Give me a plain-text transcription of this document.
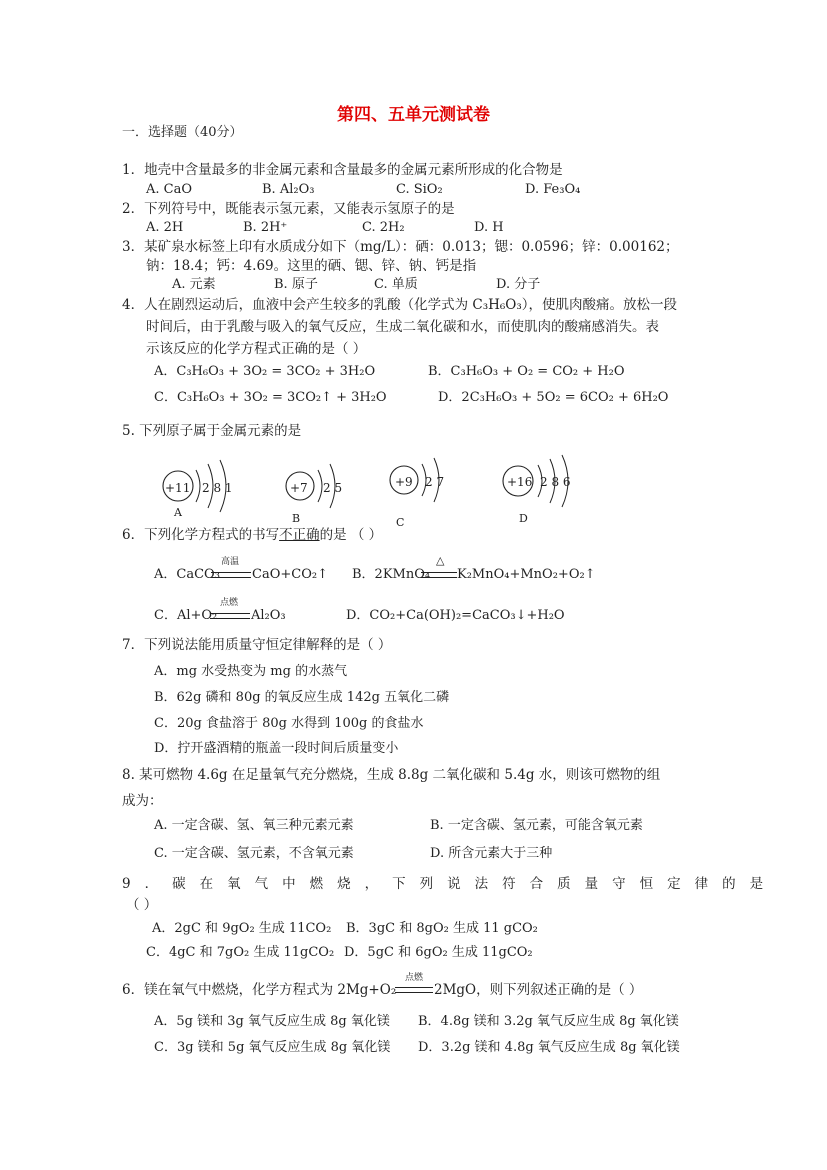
第四、五单元测试卷
一．选择题（40分）
1．地壳中含量最多的非金属元素和含量最多的金属元素所形成的化合物是
A. CaO	B. Al₂O₃	C. SiO₂	D. Fe₃O₄
2．下列符号中，既能表示氢元素，又能表示氢原子的是
A. 2H	B. 2H⁺	C. 2H₂	D. H
3．某矿泉水标签上印有水质成分如下（mg/L）：硒：0.013；锶：0.0596；锌：0.00162；
钠：18.4；钙：4.69。这里的硒、锶、锌、钠、钙是指
A. 元素	B. 原子	C. 单质	D. 分子
4．人在剧烈运动后，血液中会产生较多的乳酸（化学式为 C₃H₆O₃），使肌肉酸痛。放松一段
时间后，由于乳酸与吸入的氧气反应，生成二氧化碳和水，而使肌肉的酸痛感消失。表
示该反应的化学方程式正确的是（ ）
A．C₃H₆O₃ + 3O₂ = 3CO₂ + 3H₂O	B．C₃H₆O₃ + O₂ = CO₂ + H₂O
C．C₃H₆O₃ + 3O₂ = 3CO₂↑ + 3H₂O	D．2C₃H₆O₃ + 5O₂ = 6CO₂ + 6H₂O
5. 下列原子属于金属元素的是
+11 2 8 1
A
+7 2 5
B
+9 2 7
C
+16 2 8 6
D
6．下列化学方程式的书写不正确的是 （ ）
A．CaCO₃
高温
CaO+CO₂↑ B．2KMnO₄
△
K₂MnO₄+MnO₂+O₂↑
C．Al+O₂
点燃
Al₂O₃	D．CO₂+Ca(OH)₂=CaCO₃↓+H₂O
7．下列说法能用质量守恒定律解释的是（ ）
A．mg 水受热变为 mg 的水蒸气
B．62g 磷和 80g 的氧反应生成 142g 五氧化二磷
C．20g 食盐溶于 80g 水得到 100g 的食盐水
D．拧开盛酒精的瓶盖一段时间后质量变小
8. 某可燃物 4.6g 在足量氧气充分燃烧，生成 8.8g 二氧化碳和 5.4g 水，则该可燃物的组
成为：
A. 一定含碳、氢、氧三种元素元素	B. 一定含碳、氢元素，可能含氧元素
C. 一定含碳、氢元素，不含氧元素	D. 所含元素大于三种
9．碳在氧气中燃烧，下列说法符合质量守恒定律的是
（ ）
A．2gC 和 9gO₂ 生成 11CO₂ B．3gC 和 8gO₂ 生成 11 gCO₂
C．4gC 和 7gO₂ 生成 11gCO₂ D．5gC 和 6gO₂ 生成 11gCO₂
6．镁在氧气中燃烧，化学方程式为 2Mg+O₂
点燃
2MgO，则下列叙述正确的是（ ）
A．5g 镁和 3g 氧气反应生成 8g 氧化镁 B．4.8g 镁和 3.2g 氧气反应生成 8g 氧化镁
C．3g 镁和 5g 氧气反应生成 8g 氧化镁 D．3.2g 镁和 4.8g 氧气反应生成 8g 氧化镁
